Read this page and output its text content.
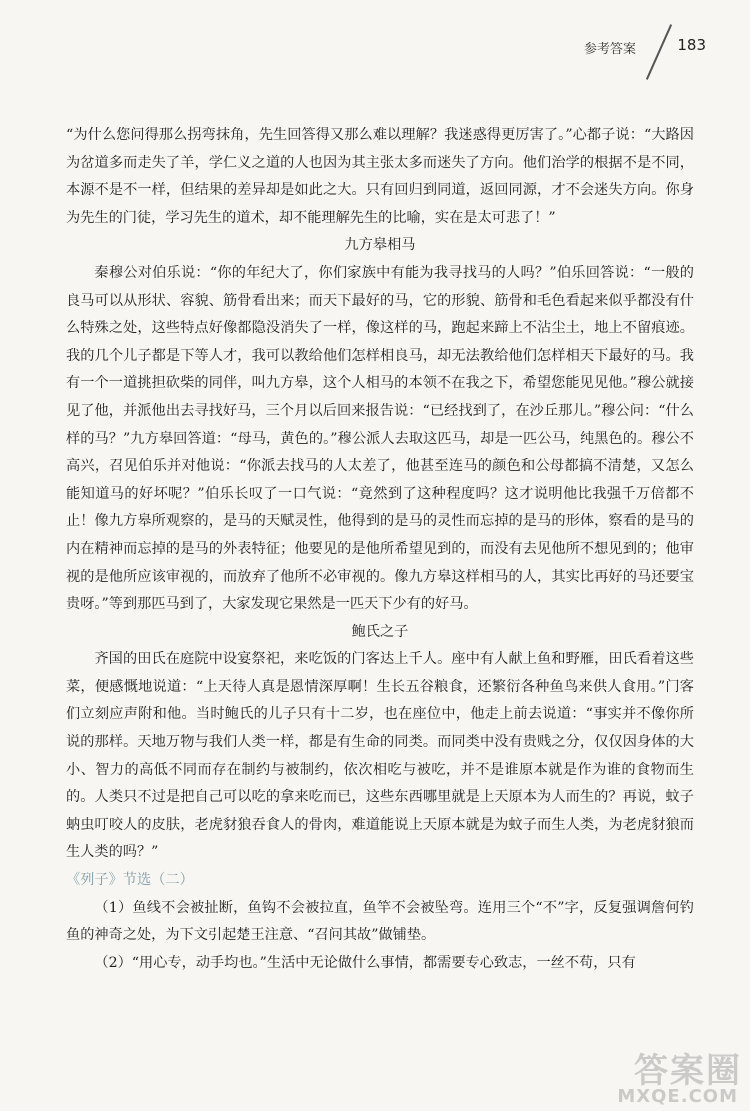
参考答案	183

“为什么您问得那么拐弯抹角，先生回答得又那么难以理解？我迷惑得更厉害了。”心都子说：“大路因为岔道多而走失了羊，学仁义之道的人也因为其主张太多而迷失了方向。他们治学的根据不是不同，本源不是不一样，但结果的差异却是如此之大。只有回归到同道，返回同源，才不会迷失方向。你身为先生的门徒，学习先生的道术，却不能理解先生的比喻，实在是太可悲了！”

九方皋相马

秦穆公对伯乐说：“你的年纪大了，你们家族中有能为我寻找马的人吗？”伯乐回答说：“一般的良马可以从形状、容貌、筋骨看出来；而天下最好的马，它的形貌、筋骨和毛色看起来似乎都没有什么特殊之处，这些特点好像都隐没消失了一样，像这样的马，跑起来蹄上不沾尘土，地上不留痕迹。我的几个儿子都是下等人才，我可以教给他们怎样相良马，却无法教给他们怎样相天下最好的马。我有一个一道挑担砍柴的同伴，叫九方皋，这个人相马的本领不在我之下，希望您能见见他。”穆公就接见了他，并派他出去寻找好马，三个月以后回来报告说：“已经找到了，在沙丘那儿。”穆公问：“什么样的马？”九方皋回答道：“母马，黄色的。”穆公派人去取这匹马，却是一匹公马，纯黑色的。穆公不高兴，召见伯乐并对他说：“你派去找马的人太差了，他甚至连马的颜色和公母都搞不清楚，又怎么能知道马的好坏呢？”伯乐长叹了一口气说：“竟然到了这种程度吗？这才说明他比我强千万倍都不止！像九方皋所观察的，是马的天赋灵性，他得到的是马的灵性而忘掉的是马的形体，察看的是马的内在精神而忘掉的是马的外表特征；他要见的是他所希望见到的，而没有去见他所不想见到的；他审视的是他所应该审视的，而放弃了他所不必审视的。像九方皋这样相马的人，其实比再好的马还要宝贵呀。”等到那匹马到了，大家发现它果然是一匹天下少有的好马。

鲍氏之子

齐国的田氏在庭院中设宴祭祀，来吃饭的门客达上千人。座中有人献上鱼和野雁，田氏看着这些菜，便感慨地说道：“上天待人真是恩情深厚啊！生长五谷粮食，还繁衍各种鱼鸟来供人食用。”门客们立刻应声附和他。当时鲍氏的儿子只有十二岁，也在座位中，他走上前去说道：“事实并不像你所说的那样。天地万物与我们人类一样，都是有生命的同类。而同类中没有贵贱之分，仅仅因身体的大小、智力的高低不同而存在制约与被制约，依次相吃与被吃，并不是谁原本就是作为谁的食物而生的。人类只不过是把自己可以吃的拿来吃而已，这些东西哪里就是上天原本为人而生的？再说，蚊子蚋虫叮咬人的皮肤，老虎豺狼吞食人的骨肉，难道能说上天原本就是为蚊子而生人类，为老虎豺狼而生人类的吗？”

《列子》节选（二）

（1）鱼线不会被扯断，鱼钩不会被拉直，鱼竿不会被坠弯。连用三个“不”字，反复强调詹何钓鱼的神奇之处，为下文引起楚王注意、“召问其故”做铺垫。

（2）“用心专，动手均也。”生活中无论做什么事情，都需要专心致志，一丝不苟，只有

答案圈
MXQE.COM
